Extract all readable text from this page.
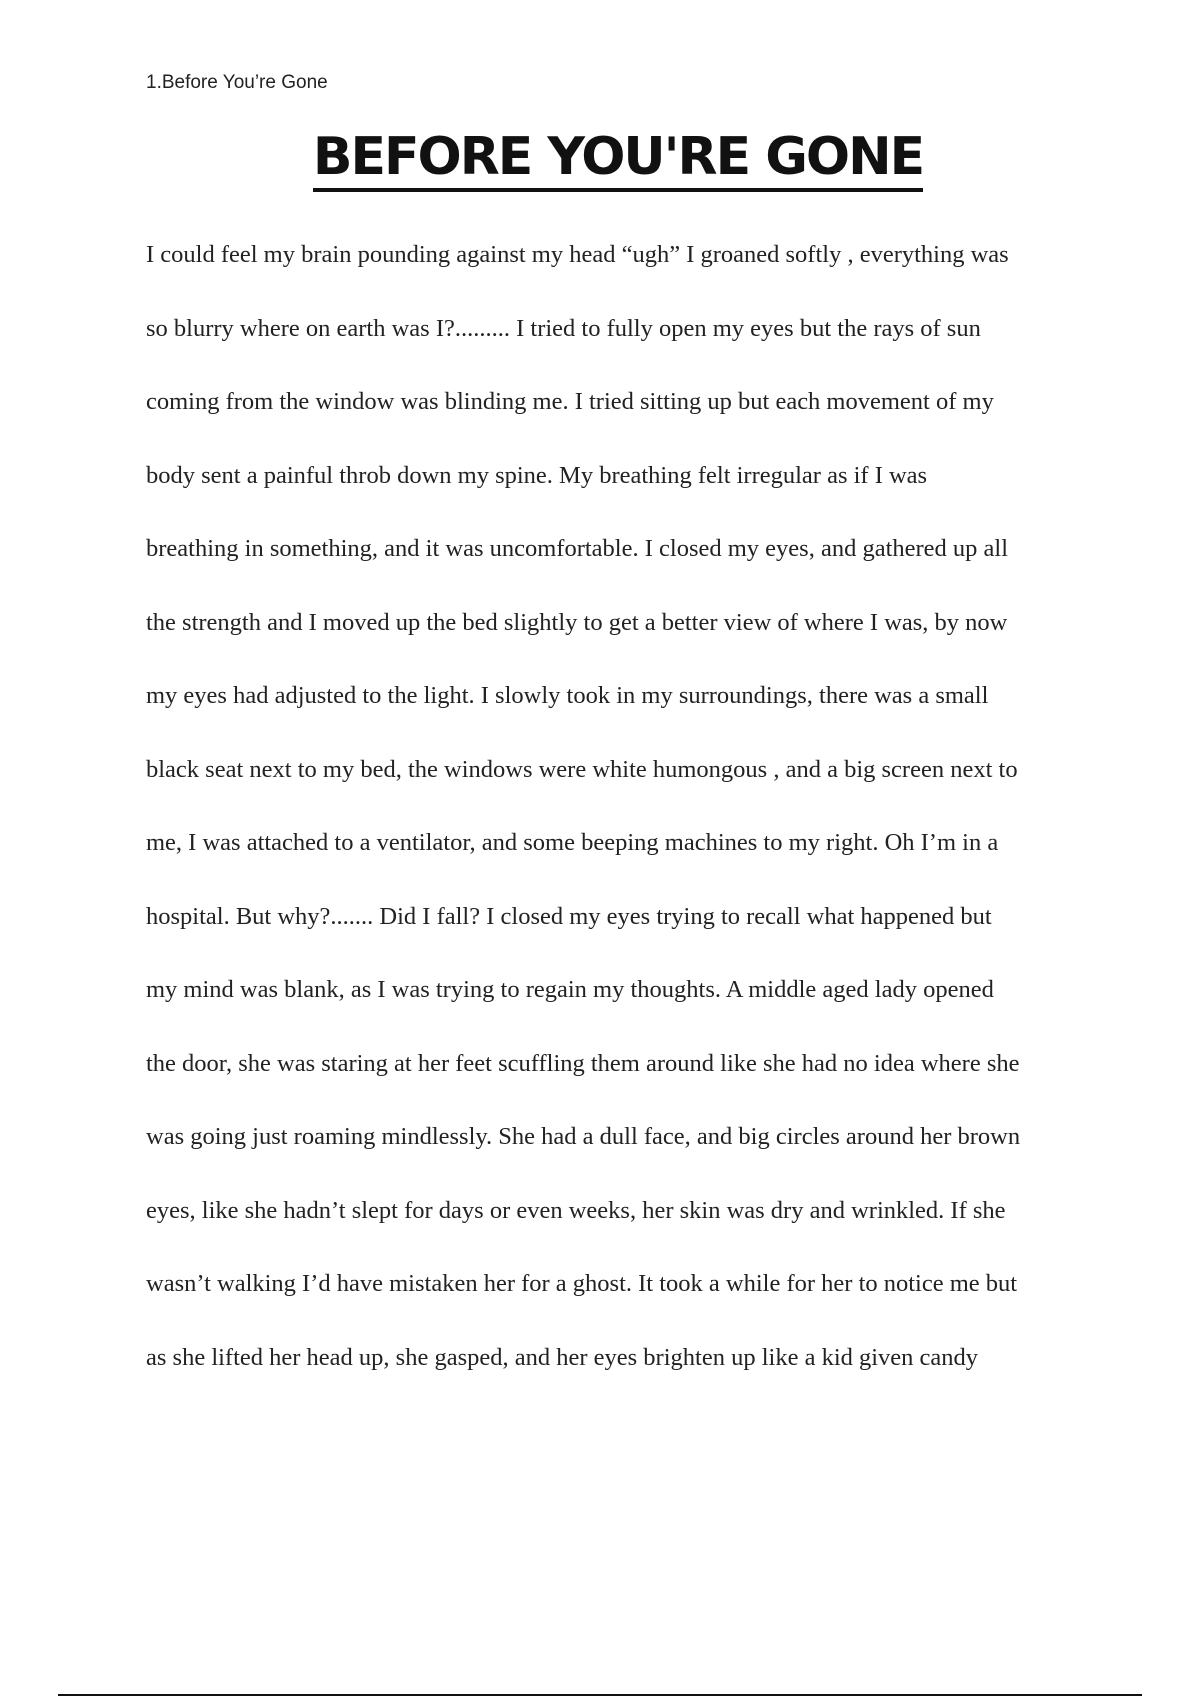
1.Before You’re Gone
BEFORE YOU'RE GONE
I could feel my brain pounding against my head “ugh” I groaned softly , everything was
so blurry where on earth was I?......... I tried to fully open my eyes but the rays of sun
coming from the window was blinding me. I tried sitting up but each movement of my
body sent a painful throb down my spine. My breathing felt irregular as if I was
breathing in something, and it was uncomfortable. I closed my eyes, and gathered up all
the strength and I moved up the bed slightly to get a better view of where I was, by now
my eyes had adjusted to the light. I slowly took in my surroundings, there was a small
black seat next to my bed, the windows were white humongous , and a big screen next to
me, I was attached to a ventilator, and some beeping machines to my right. Oh I’m in a
hospital. But why?....... Did I fall? I closed my eyes trying to recall what happened but
my mind was blank, as I was trying to regain my thoughts. A middle aged lady opened
the door, she was staring at her feet scuffling them around like she had no idea where she
was going just roaming mindlessly. She had a dull face, and big circles around her brown
eyes, like she hadn’t slept for days or even weeks, her skin was dry and wrinkled. If she
wasn’t walking I’d have mistaken her for a ghost. It took a while for her to notice me but
as she lifted her head up, she gasped, and her eyes brighten up like a kid given candy
